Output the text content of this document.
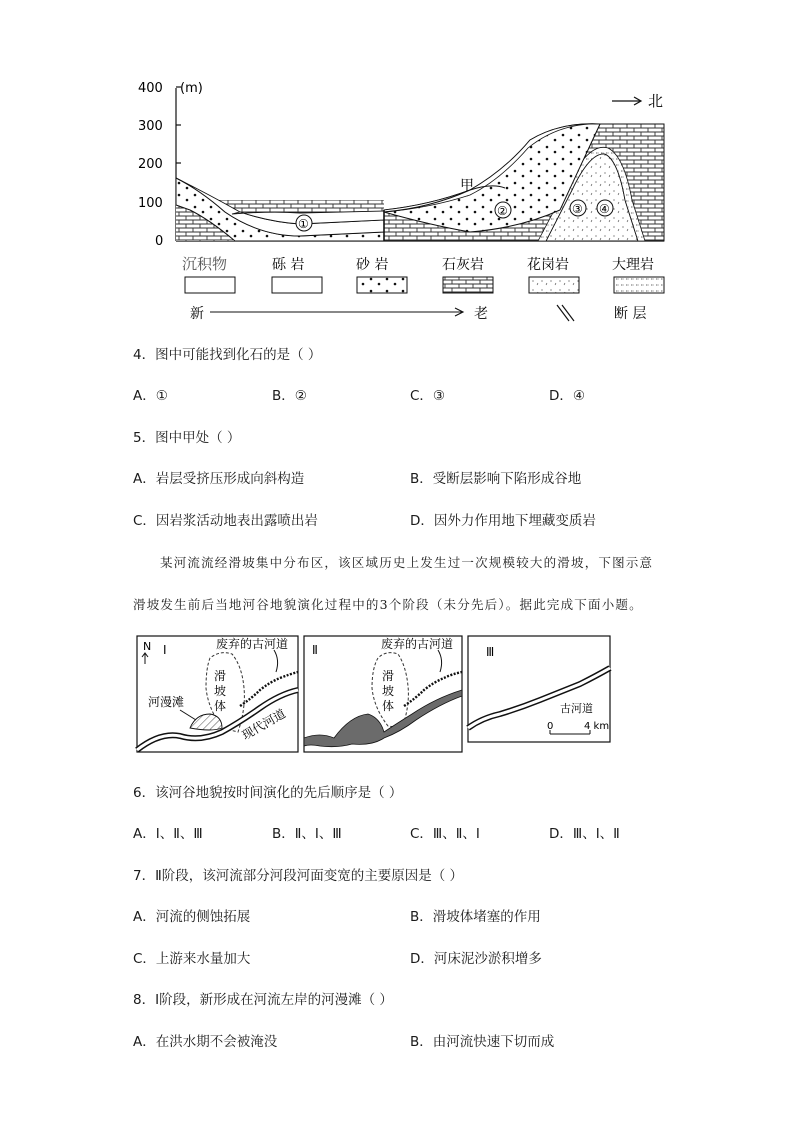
400
300
200
100
0
(m)
北
①
②	③ ④
甲
沉积物	砾 岩	砂 岩	石灰岩	花岗岩	大理岩
新	老	断 层
4．图中可能找到化石的是（ ）
A．①	B．②	C．③	D．④
5．图中甲处（ ）
A．岩层受挤压形成向斜构造	B．受断层影响下陷形成谷地
C．因岩浆活动地表出露喷出岩	D．因外力作用地下埋藏变质岩
某河流流经滑坡集中分布区，该区域历史上发生过一次规模较大的滑坡，下图示意
滑坡发生前后当地河谷地貌演化过程中的3个阶段（未分先后）。据此完成下面小题。
N Ⅰ	废弃的古河道
滑
坡
体
河漫滩
现代河道
Ⅱ	废弃的古河道
滑
坡
体
Ⅲ
古河道
0	4 km
6．该河谷地貌按时间演化的先后顺序是（ ）
A．Ⅰ、Ⅱ、Ⅲ	B．Ⅱ、Ⅰ、Ⅲ	C．Ⅲ、Ⅱ、Ⅰ	D．Ⅲ、Ⅰ、Ⅱ
7．Ⅱ阶段，该河流部分河段河面变宽的主要原因是（ ）
A．河流的侧蚀拓展	B．滑坡体堵塞的作用
C．上游来水量加大	D．河床泥沙淤积增多
8．Ⅰ阶段，新形成在河流左岸的河漫滩（ ）
A．在洪水期不会被淹没	B．由河流快速下切而成
